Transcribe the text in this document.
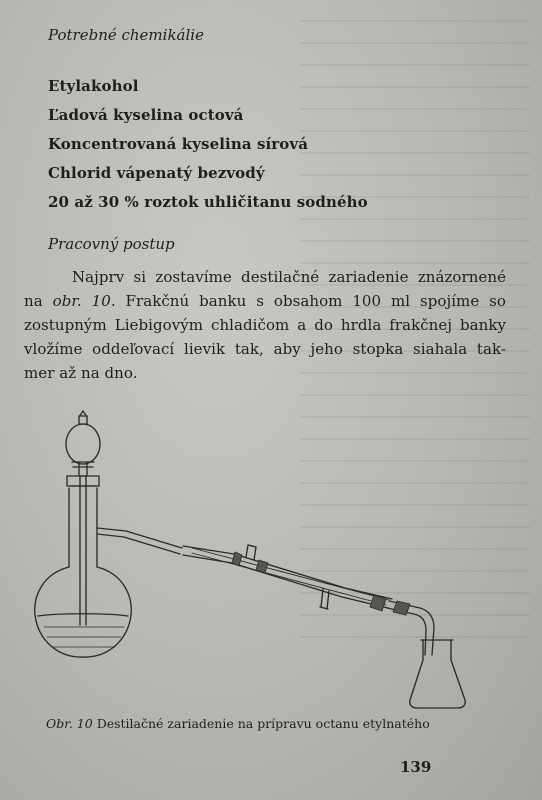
Potrebné chemikálie
Etylakohol
Ľadová kyselina octová
Koncentrovaná kyselina sírová
Chlorid vápenatý bezvodý
20 až 30 % roztok uhličitanu sodného
Pracovný postup
Najprv si zostavíme destilačné zariadenie znázornené
na obr. 10. Frakčnú banku s obsahom 100 ml spojíme so
zostupným Liebigovým chladičom a do hrdla frakčnej banky
vložíme oddeľovací lievik tak, aby jeho stopka siahala tak-
mer až na dno.
Obr. 10 Destilačné zariadenie na prípravu octanu etylnatého
139
